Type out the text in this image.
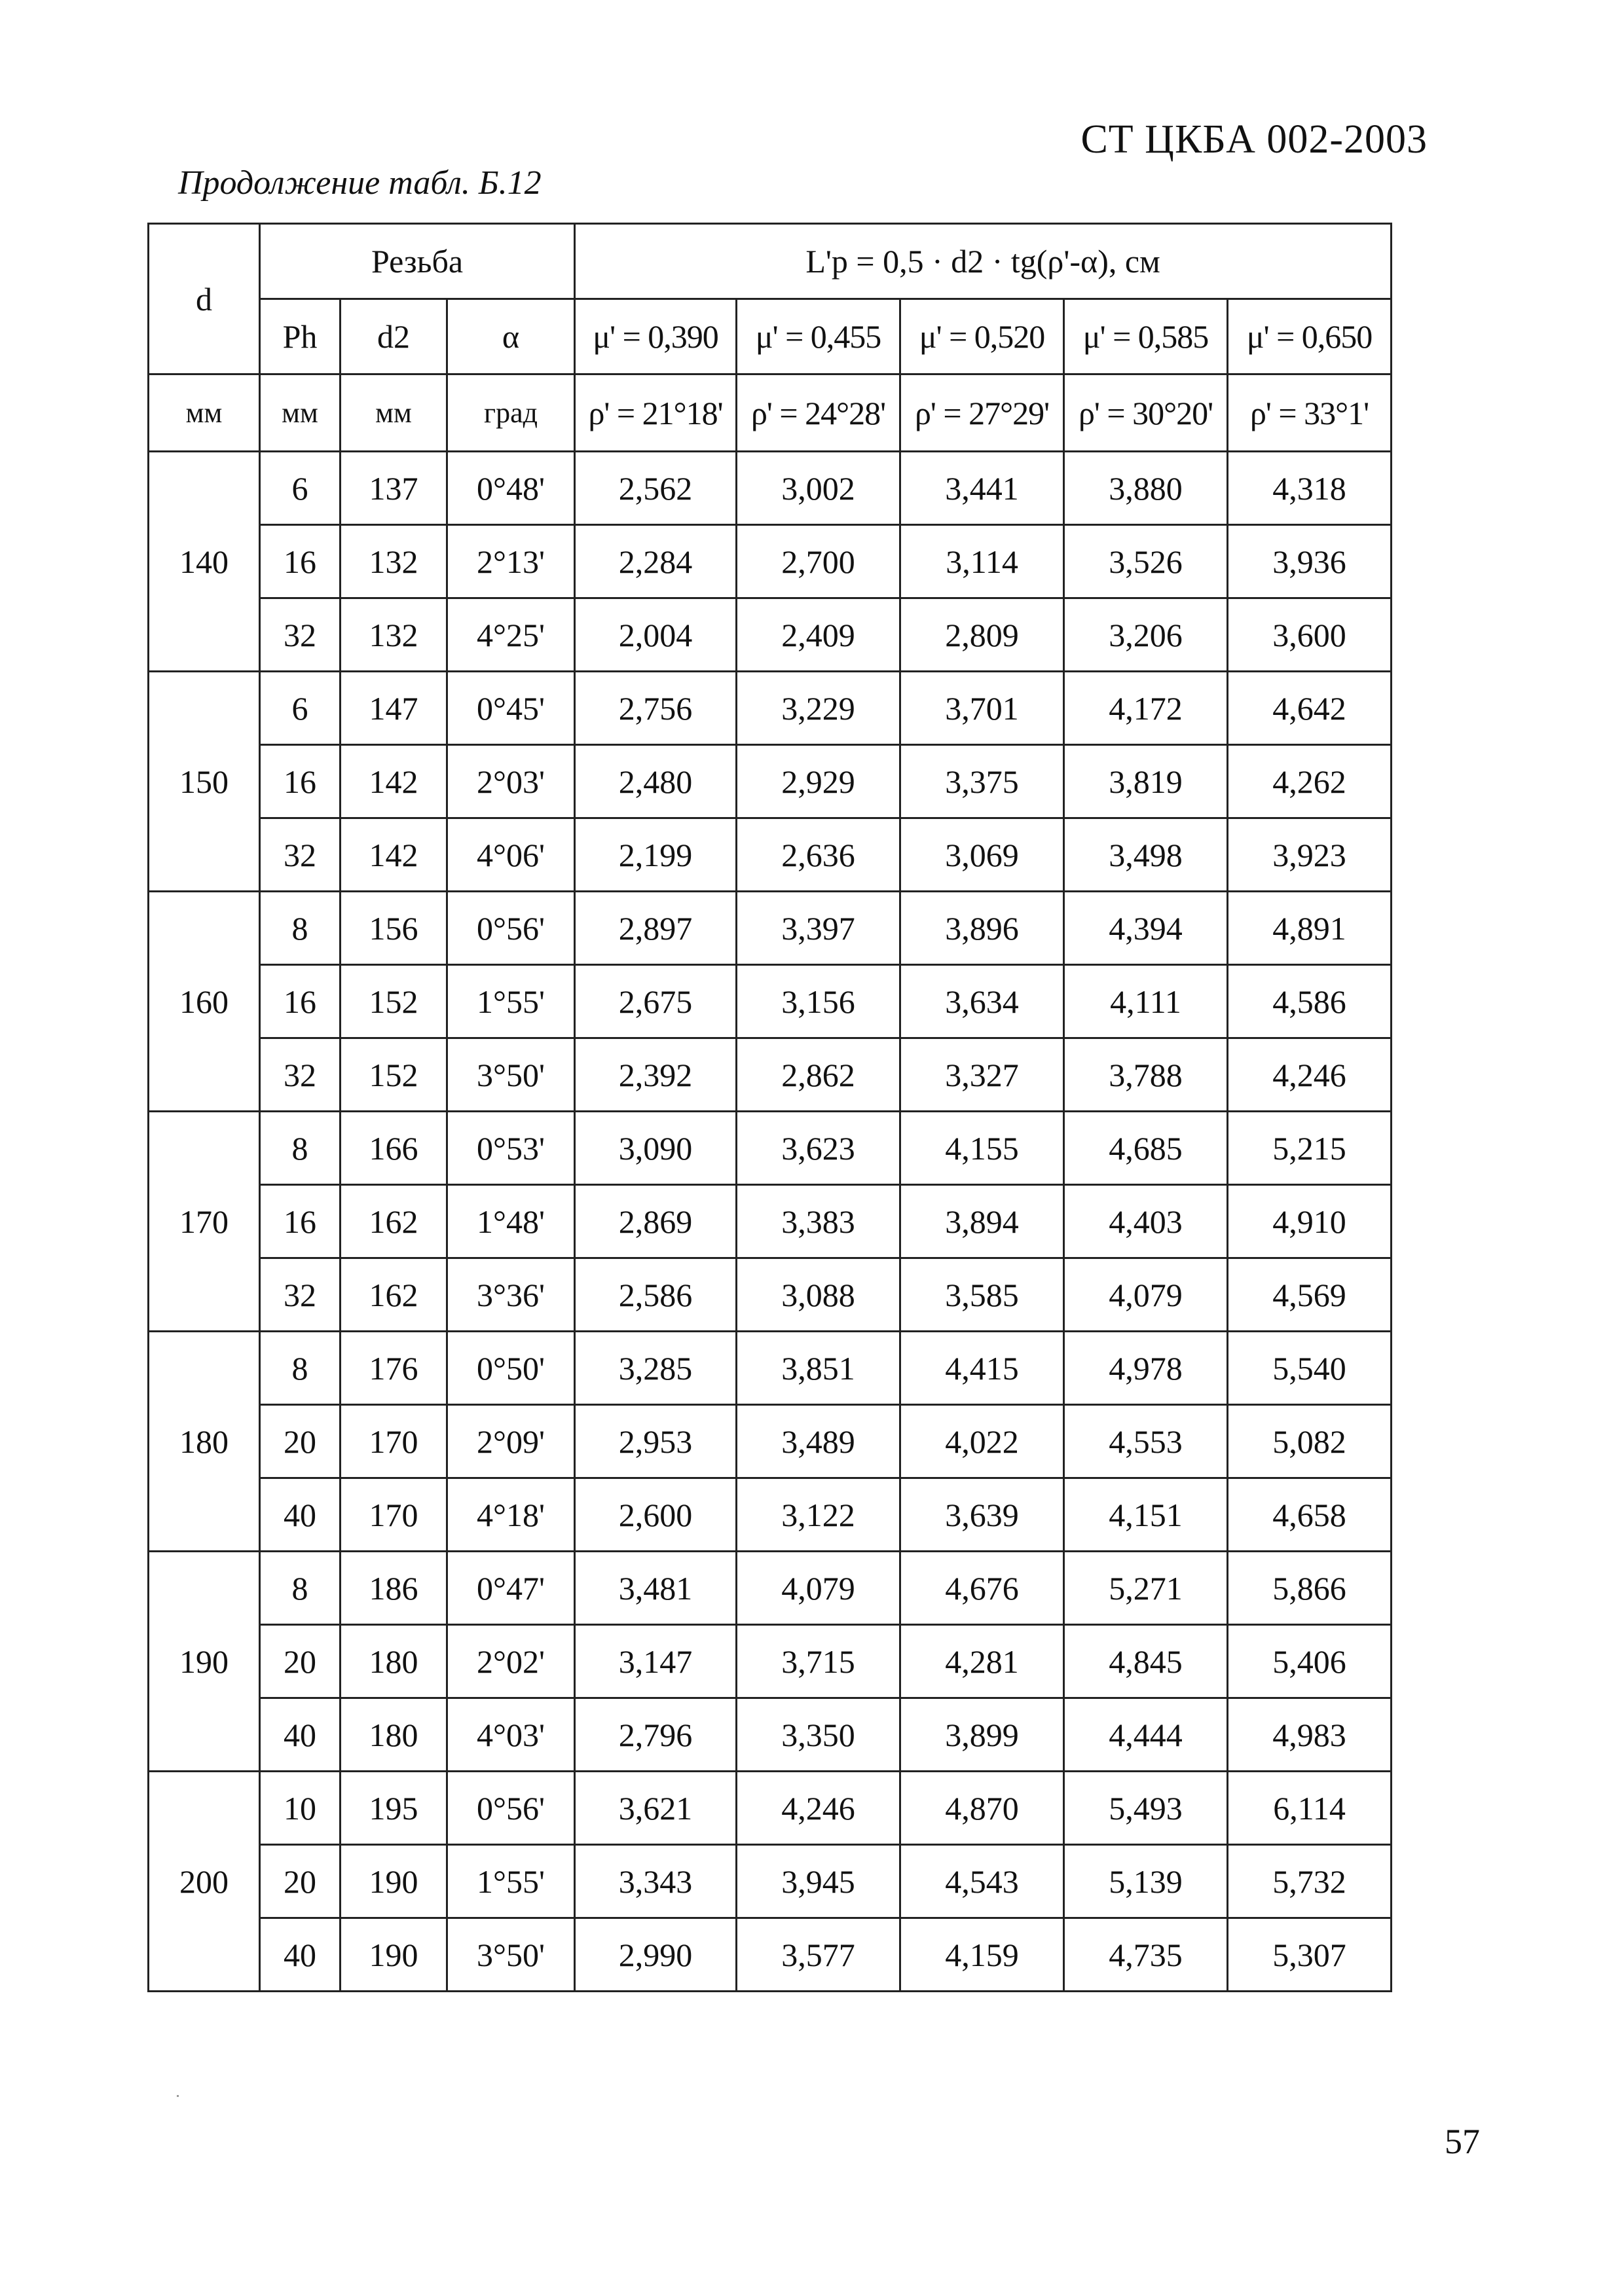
СТ ЦКБА 002-2003
Продолжение табл. Б.12
d	Резьба			L'p = 0,5 · d2 · tg(ρ'-α), см				
	Ph	d2	α	μ' = 0,390	μ' = 0,455	μ' = 0,520	μ' = 0,585	μ' = 0,650
мм	мм	мм	град	ρ' = 21°18'	ρ' = 24°28'	ρ' = 27°29'	ρ' = 30°20'	ρ' = 33°1'
140	6	137	0°48'	2,562	3,002	3,441	3,880	4,318
	16	132	2°13'	2,284	2,700	3,114	3,526	3,936
	32	132	4°25'	2,004	2,409	2,809	3,206	3,600
150	6	147	0°45'	2,756	3,229	3,701	4,172	4,642
	16	142	2°03'	2,480	2,929	3,375	3,819	4,262
	32	142	4°06'	2,199	2,636	3,069	3,498	3,923
160	8	156	0°56'	2,897	3,397	3,896	4,394	4,891
	16	152	1°55'	2,675	3,156	3,634	4,111	4,586
	32	152	3°50'	2,392	2,862	3,327	3,788	4,246
170	8	166	0°53'	3,090	3,623	4,155	4,685	5,215
	16	162	1°48'	2,869	3,383	3,894	4,403	4,910
	32	162	3°36'	2,586	3,088	3,585	4,079	4,569
180	8	176	0°50'	3,285	3,851	4,415	4,978	5,540
	20	170	2°09'	2,953	3,489	4,022	4,553	5,082
	40	170	4°18'	2,600	3,122	3,639	4,151	4,658
190	8	186	0°47'	3,481	4,079	4,676	5,271	5,866
	20	180	2°02'	3,147	3,715	4,281	4,845	5,406
	40	180	4°03'	2,796	3,350	3,899	4,444	4,983
200	10	195	0°56'	3,621	4,246	4,870	5,493	6,114
	20	190	1°55'	3,343	3,945	4,543	5,139	5,732
	40	190	3°50'	2,990	3,577	4,159	4,735	5,307
57
